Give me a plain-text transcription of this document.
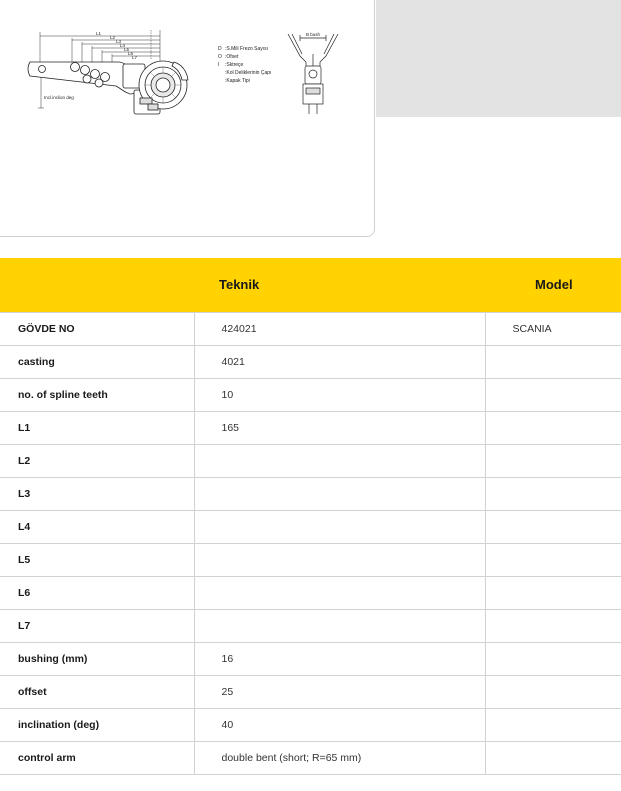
L1
L2
L3
L4
L5
L6
L7
Incl.inclion deg
D :S.Mili Frezo Sayısı
O :Ofset
I :Sktreçe
:Kol Deliklerinin Çapı
:Kapak Tipi
B bush
Teknik	Model
GÖVDE NO	424021	SCANIA
casting	4021	
no. of spline teeth	10	
L1	165	
L2		
L3		
L4		
L5		
L6		
L7		
bushing (mm)	16	
offset	25	
inclination (deg)	40	
control arm	double bent (short; R=65 mm)	
